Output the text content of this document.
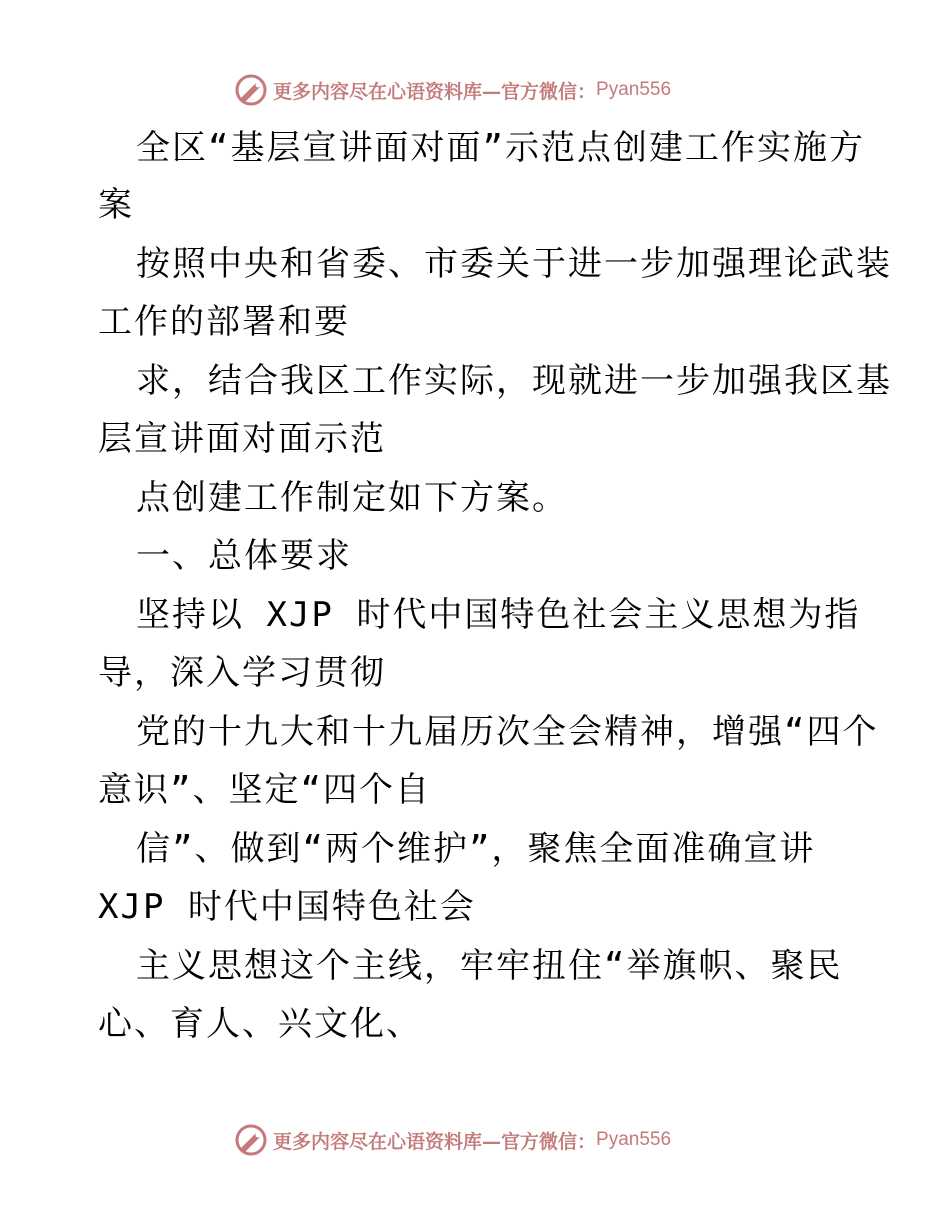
更多内容尽在心语资料库—官方微信： Pyan556
全区“基层宣讲面对面”示范点创建工作实施方
案
按照中央和省委、市委关于进一步加强理论武装
工作的部署和要
求，结合我区工作实际，现就进一步加强我区基
层宣讲面对面示范
点创建工作制定如下方案。
一、总体要求
坚持以 XJP 时代中国特色社会主义思想为指
导，深入学习贯彻
党的十九大和十九届历次全会精神，增强“四个
意识”、坚定“四个自
信”、做到“两个维护”，聚焦全面准确宣讲
XJP 时代中国特色社会
主义思想这个主线，牢牢扭住“举旗帜、聚民
心、育人、兴文化、
更多内容尽在心语资料库—官方微信： Pyan556
